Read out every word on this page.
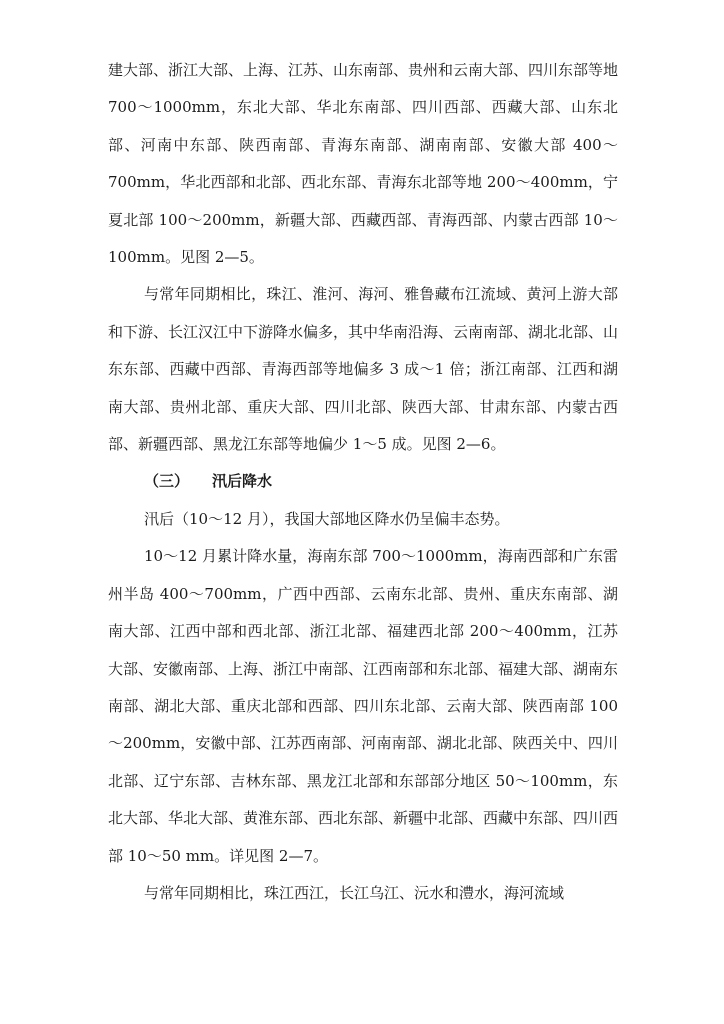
建大部、浙江大部、上海、江苏、山东南部、贵州和云南大部、四川东部等地 700～1000mm，东北大部、华北东南部、四川西部、西藏大部、山东北部、河南中东部、陕西南部、青海东南部、湖南南部、安徽大部 400～700mm，华北西部和北部、西北东部、青海东北部等地 200～400mm，宁夏北部 100～200mm，新疆大部、西藏西部、青海西部、内蒙古西部 10～100mm。见图 2—5。

与常年同期相比，珠江、淮河、海河、雅鲁藏布江流域、黄河上游大部和下游、长江汉江中下游降水偏多，其中华南沿海、云南南部、湖北北部、山东东部、西藏中西部、青海西部等地偏多 3 成～1 倍；浙江南部、江西和湖南大部、贵州北部、重庆大部、四川北部、陕西大部、甘肃东部、内蒙古西部、新疆西部、黑龙江东部等地偏少 1～5 成。见图 2—6。

（三） 汛后降水

汛后（10～12 月），我国大部地区降水仍呈偏丰态势。

10～12 月累计降水量，海南东部 700～1000mm，海南西部和广东雷州半岛 400～700mm，广西中西部、云南东北部、贵州、重庆东南部、湖南大部、江西中部和西北部、浙江北部、福建西北部 200～400mm，江苏大部、安徽南部、上海、浙江中南部、江西南部和东北部、福建大部、湖南东南部、湖北大部、重庆北部和西部、四川东北部、云南大部、陕西南部 100～200mm，安徽中部、江苏西南部、河南南部、湖北北部、陕西关中、四川北部、辽宁东部、吉林东部、黑龙江北部和东部部分地区 50～100mm，东北大部、华北大部、黄淮东部、西北东部、新疆中北部、西藏中东部、四川西部 10～50 mm。详见图 2—7。

与常年同期相比，珠江西江，长江乌江、沅水和澧水，海河流域
